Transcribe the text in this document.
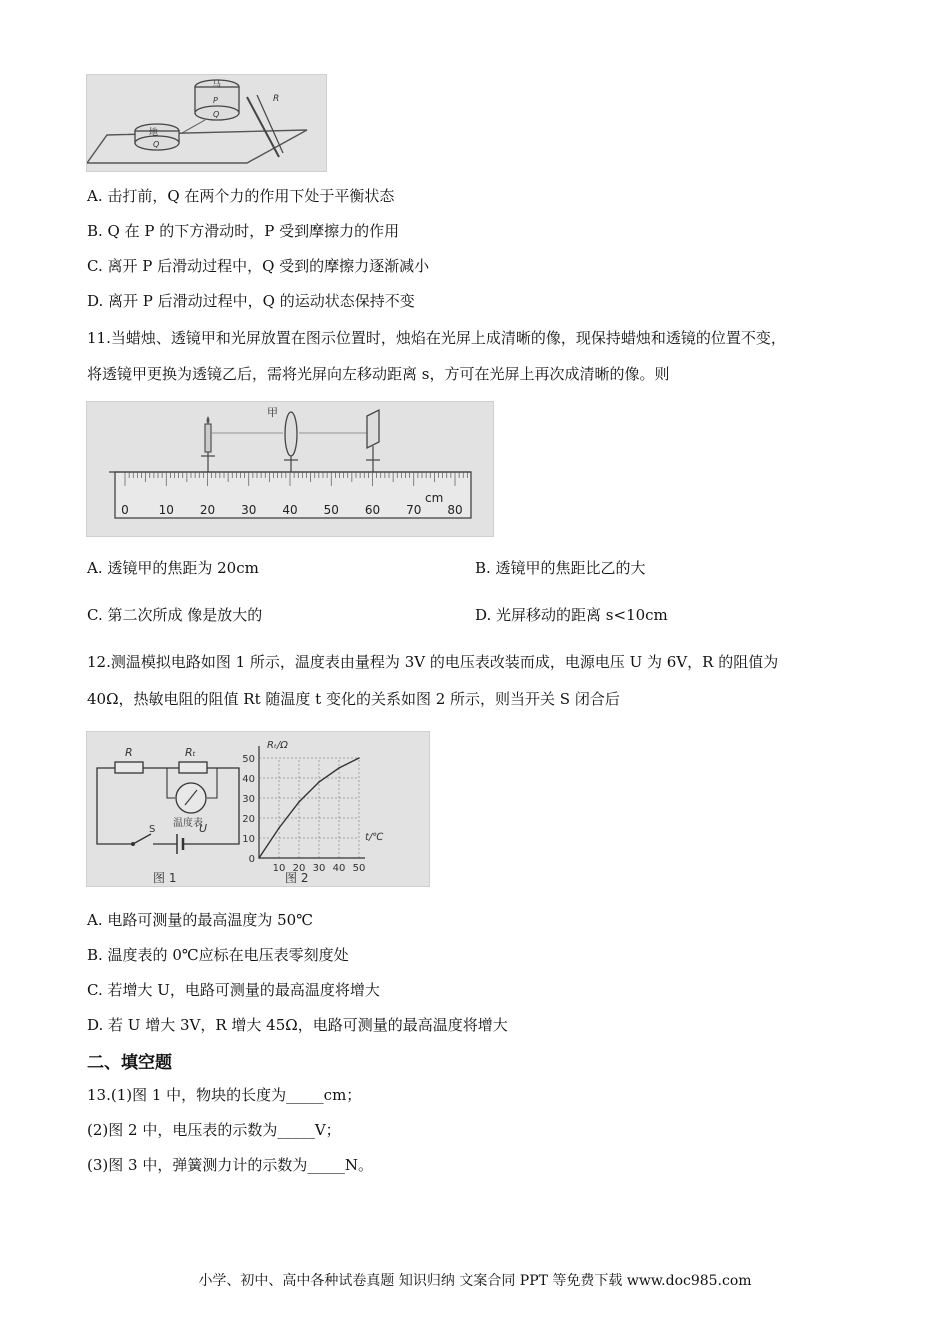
马
P
Q
R
地
Q
A. 击打前，Q 在两个力的作用下处于平衡状态
B. Q 在 P 的下方滑动时，P 受到摩擦力的作用
C. 离开 P 后滑动过程中，Q 受到的摩擦力逐渐减小
D. 离开 P 后滑动过程中，Q 的运动状态保持不变
11.当蜡烛、透镜甲和光屏放置在图示位置时，烛焰在光屏上成清晰的像，现保持蜡烛和透镜的位置不变，
将透镜甲更换为透镜乙后，需将光屏向左移动距离 s，方可在光屏上再次成清晰的像。则
0 10 20 30 40 50 60 70 80
甲
cm
A. 透镜甲的焦距为 20cm	B. 透镜甲的焦距比乙的大
C. 第二次所成 像是放大的	D. 光屏移动的距离 s<10cm
12.测温模拟电路如图 1 所示，温度表由量程为 3V 的电压表改装而成，电源电压 U 为 6V，R 的阻值为
40Ω，热敏电阻的阻值 Rt 随温度 t 变化的关系如图 2 所示，则当开关 S 闭合后
R	Rₜ
温度表
S	U
图 1
50
40
30
20
10
0
10 20 30 40 50
Rₜ/Ω
t/℃
图 2
A. 电路可测量的最高温度为 50℃
B. 温度表的 0℃应标在电压表零刻度处
C. 若增大 U，电路可测量的最高温度将增大
D. 若 U 增大 3V，R 增大 45Ω，电路可测量的最高温度将增大
二、填空题
13.(1)图 1 中，物块的长度为_____cm；
(2)图 2 中，电压表的示数为_____V；
(3)图 3 中，弹簧测力计的示数为_____N。
小学、初中、高中各种试卷真题 知识归纳 文案合同 PPT 等免费下载 www.doc985.com
